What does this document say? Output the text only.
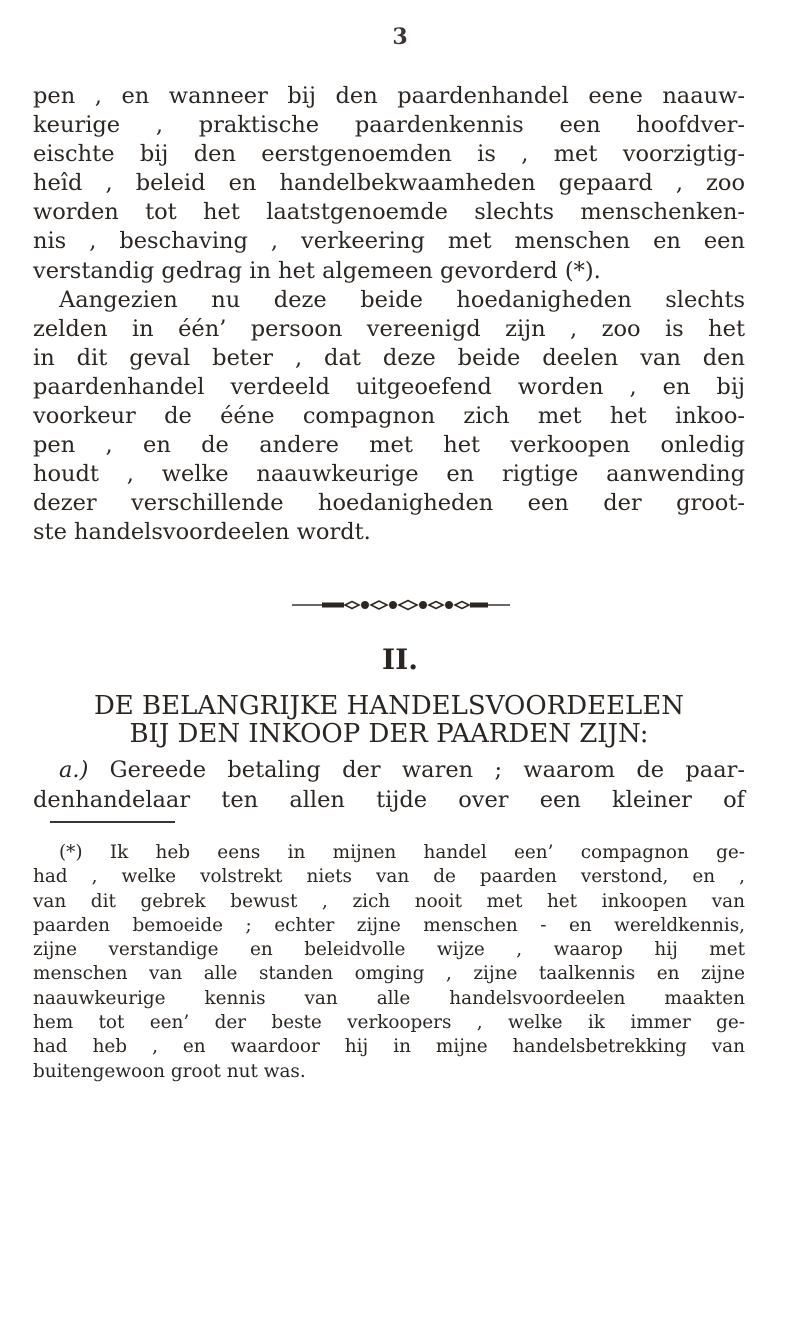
3
pen , en wanneer bij den paardenhandel eene naauw-
keurige , praktische paardenkennis een hoofdver-
eischte bij den eerstgenoemden is , met voorzigtig-
heîd , beleid en handelbekwaamheden gepaard , zoo
worden tot het laatstgenoemde slechts menschenken-
nis , beschaving , verkeering met menschen en een
verstandig gedrag in het algemeen gevorderd (*).
Aangezien nu deze beide hoedanigheden slechts
zelden in één’ persoon vereenigd zijn , zoo is het
in dit geval beter , dat deze beide deelen van den
paardenhandel verdeeld uitgeoefend worden , en bij
voorkeur de ééne compagnon zich met het inkoo-
pen , en de andere met het verkoopen onledig
houdt , welke naauwkeurige en rigtige aanwending
dezer verschillende hoedanigheden een der groot-
ste handelsvoordeelen wordt.
II.
DE BELANGRIJKE HANDELSVOORDEELEN
BIJ DEN INKOOP DER PAARDEN ZIJN:
a.) Gereede betaling der waren ; waarom de paar-
denhandelaar ten allen tijde over een kleiner of
(*) Ik heb eens in mijnen handel een’ compagnon ge-
had , welke volstrekt niets van de paarden verstond, en ,
van dit gebrek bewust , zich nooit met het inkoopen van
paarden bemoeide ; echter zijne menschen - en wereldkennis,
zijne verstandige en beleidvolle wijze , waarop hij met
menschen van alle standen omging , zijne taalkennis en zijne
naauwkeurige kennis van alle handelsvoordeelen maakten
hem tot een’ der beste verkoopers , welke ik immer ge-
had heb , en waardoor hij in mijne handelsbetrekking van
buitengewoon groot nut was.
